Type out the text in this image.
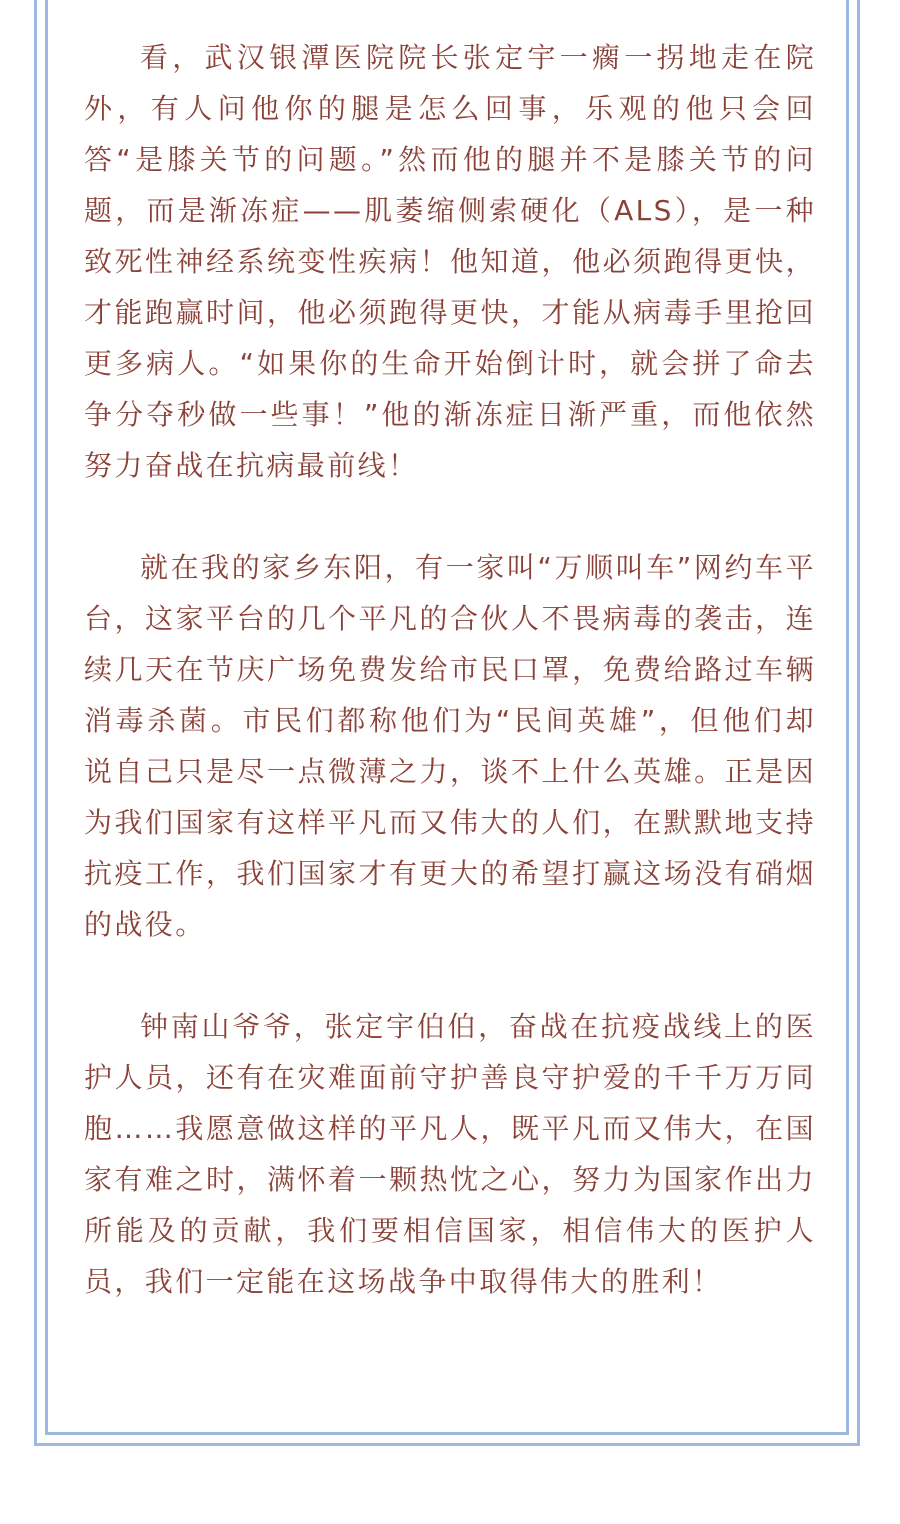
看，武汉银潭医院院长张定宇一瘸一拐地走在院外，有人问他你的腿是怎么回事，乐观的他只会回答“是膝关节的问题。”然而他的腿并不是膝关节的问题，而是渐冻症——肌萎缩侧索硬化（ALS），是一种致死性神经系统变性疾病！他知道，他必须跑得更快，才能跑赢时间，他必须跑得更快，才能从病毒手里抢回更多病人。“如果你的生命开始倒计时，就会拼了命去争分夺秒做一些事！”他的渐冻症日渐严重，而他依然努力奋战在抗病最前线！

就在我的家乡东阳，有一家叫“万顺叫车”网约车平台，这家平台的几个平凡的合伙人不畏病毒的袭击，连续几天在节庆广场免费发给市民口罩，免费给路过车辆消毒杀菌。市民们都称他们为“民间英雄”，但他们却说自己只是尽一点微薄之力，谈不上什么英雄。正是因为我们国家有这样平凡而又伟大的人们，在默默地支持抗疫工作，我们国家才有更大的希望打赢这场没有硝烟的战役。

钟南山爷爷，张定宇伯伯，奋战在抗疫战线上的医护人员，还有在灾难面前守护善良守护爱的千千万万同胞……我愿意做这样的平凡人，既平凡而又伟大，在国家有难之时，满怀着一颗热忱之心，努力为国家作出力所能及的贡献，我们要相信国家，相信伟大的医护人员，我们一定能在这场战争中取得伟大的胜利！
